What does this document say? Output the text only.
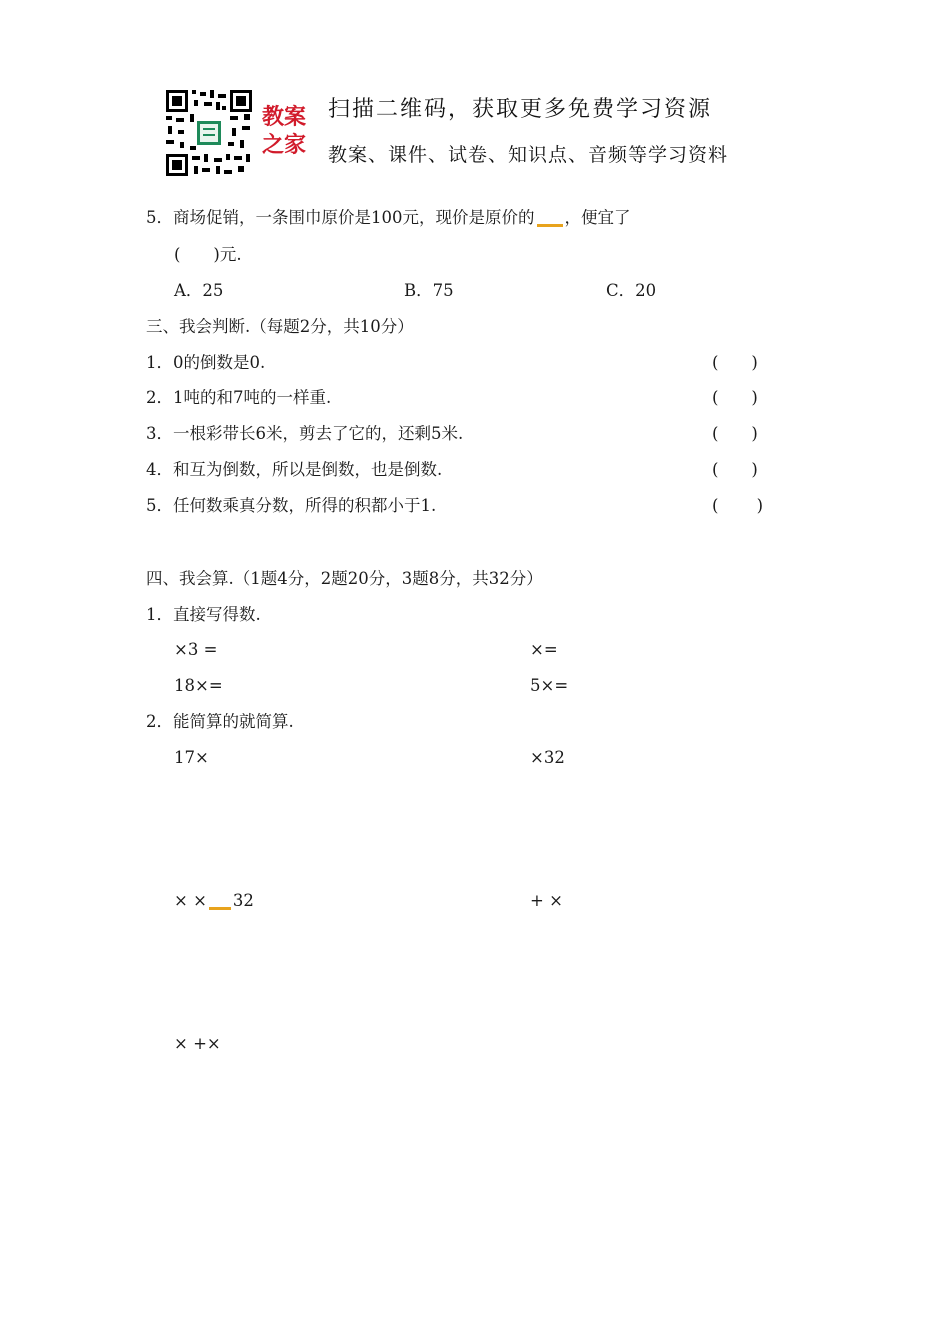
教案之家
扫描二维码，获取更多免费学习资源
教案、课件、试卷、知识点、音频等学习资料
5．商场促销，一条围巾原价是100元，现价是原价的 ，便宜了
(　　)元.
A．25	B．75	C．20
三、我会判断.（每题2分，共10分）
1．0的倒数是0.	(　　)
2．1吨的和7吨的一样重.	(　　)
3．一根彩带长6米，剪去了它的，还剩5米.	(　　)
4．和互为倒数，所以是倒数，也是倒数.	(　　)
5．任何数乘真分数，所得的积都小于1.	(　　 )
四、我会算.（1题4分，2题20分，3题8分，共32分）
1．直接写得数.
×3 =	×=
18×=	5×=
2．能简算的就简算.
17×	×32
× × 32	+ ×
× +×
